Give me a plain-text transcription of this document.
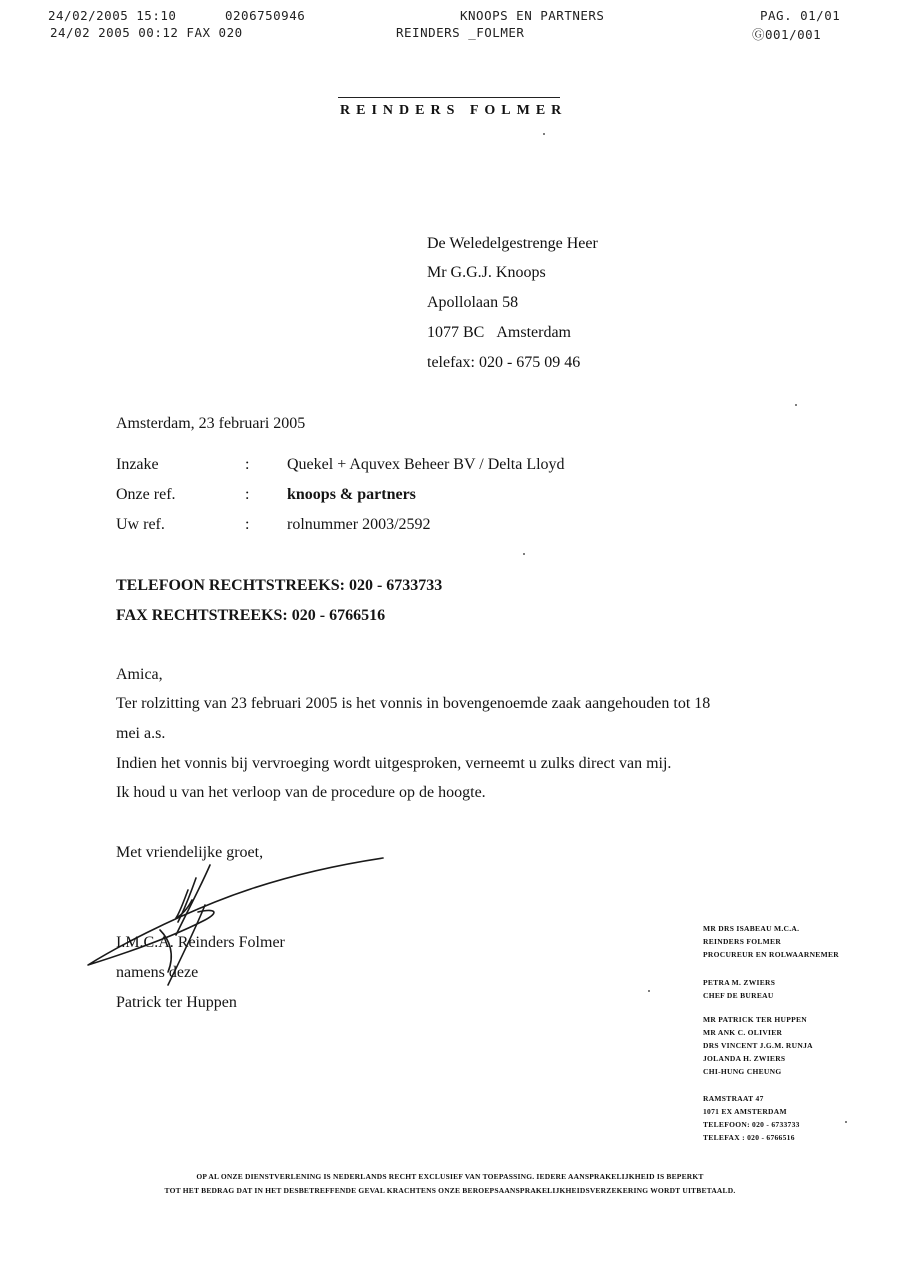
24/02/2005 15:10	0206750946	KNOOPS EN PARTNERS	PAG. 01/01
24/02 2005 00:12 FAX 020	REINDERS _FOLMER	Ⓖ001/001
REINDERS FOLMER
De Weledelgestrenge Heer
Mr G.G.J. Knoops
Apollolaan 58
1077 BC Amsterdam
telefax: 020 - 675 09 46
Amsterdam, 23 februari 2005
Inzake	: Quekel + Aquvex Beheer BV / Delta Lloyd
Onze ref.	: knoops & partners
Uw ref.	: rolnummer 2003/2592
TELEFOON RECHTSTREEKS: 020 - 6733733
FAX RECHTSTREEKS: 020 - 6766516
Amica,
Ter rolzitting van 23 februari 2005 is het vonnis in bovengenoemde zaak aangehouden tot 18
mei a.s.
Indien het vonnis bij vervroeging wordt uitgesproken, verneemt u zulks direct van mij.
Ik houd u van het verloop van de procedure op de hoogte.
Met vriendelijke groet,
I.M.C.A. Reinders Folmer
namens deze
Patrick ter Huppen
MR DRS ISABEAU M.C.A.
REINDERS FOLMER
PROCUREUR EN ROLWAARNEMER
PETRA M. ZWIERS
CHEF DE BUREAU
MR PATRICK TER HUPPEN
MR ANK C. OLIVIER
DRS VINCENT J.G.M. RUNJA
JOLANDA H. ZWIERS
CHI-HUNG CHEUNG
RAMSTRAAT 47
1071 EX AMSTERDAM
TELEFOON: 020 - 6733733
TELEFAX : 020 - 6766516
OP AL ONZE DIENSTVERLENING IS NEDERLANDS RECHT EXCLUSIEF VAN TOEPASSING. IEDERE AANSPRAKELIJKHEID IS BEPERKT
TOT HET BEDRAG DAT IN HET DESBETREFFENDE GEVAL KRACHTENS ONZE BEROEPSAANSPRAKELIJKHEIDSVERZEKERING WORDT UITBETAALD.
